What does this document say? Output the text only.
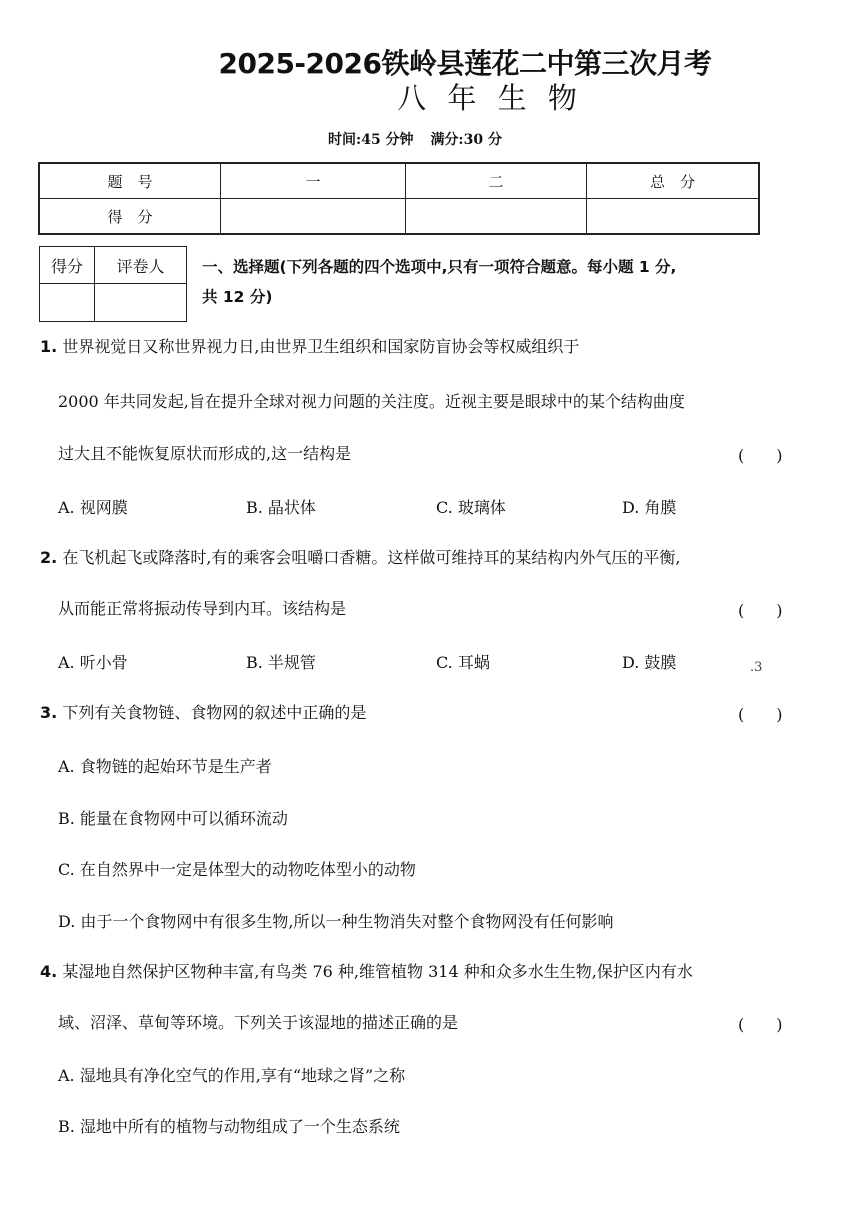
2025-2026铁岭县莲花二中第三次月考
八 年 生 物
时间:45 分钟 满分:30 分
题　号	一	二	总　分
得　分			
得分	评卷人
	一、选择题(下列各题的四个选项中,只有一项符合题意。每小题 1 分,
共 12 分)
1. 世界视觉日又称世界视力日,由世界卫生组织和国家防盲协会等权威组织于
2000 年共同发起,旨在提升全球对视力问题的关注度。近视主要是眼球中的某个结构曲度
过大且不能恢复原状而形成的,这一结构是	(　　)
A. 视网膜	B. 晶状体	C. 玻璃体	D. 角膜
2. 在飞机起飞或降落时,有的乘客会咀嚼口香糖。这样做可维持耳的某结构内外气压的平衡,
从而能正常将振动传导到内耳。该结构是	(　　)
A. 听小骨	B. 半规管	C. 耳蜗	D. 鼓膜	.3
3. 下列有关食物链、食物网的叙述中正确的是	(　　)
A. 食物链的起始环节是生产者
B. 能量在食物网中可以循环流动
C. 在自然界中一定是体型大的动物吃体型小的动物
D. 由于一个食物网中有很多生物,所以一种生物消失对整个食物网没有任何影响
4. 某湿地自然保护区物种丰富,有鸟类 76 种,维管植物 314 种和众多水生生物,保护区内有水
域、沼泽、草甸等环境。下列关于该湿地的描述正确的是	(　　)
A. 湿地具有净化空气的作用,享有“地球之肾”之称
B. 湿地中所有的植物与动物组成了一个生态系统
